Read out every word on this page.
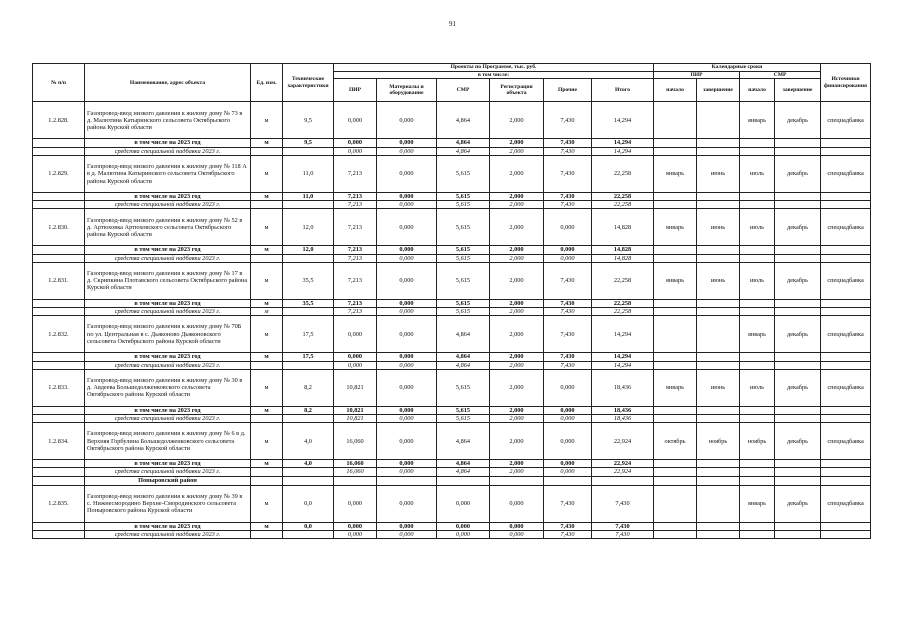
91
№ п/п	Наименование, адрес объекта	Ед. изм.	Технические характеристики	Проекты по Программе, тыс. руб.						Календарные сроки				Источники финансирования
				в том числе:						ПИР		СМР		
				ПИР	Материалы и оборудование	СМР	Регистрация объекта	Прочие	Итого	начало	завершение	начало	завершение	
1.2.828.	Газопровод-ввод низкого давления к жилому дому № 73 в д. Малютина Катыринского сельсовета Октябрьского района Курской области	м	9,5	0,000	0,000	4,864	2,000	7,430	14,294			январь	декабрь	спецнадбавка
	в том числе на 2023 год	м	9,5	0,000	0,000	4,864	2,000	7,430	14,294					
	средства специальной надбавки 2023 г.			0,000	0,000	4,864	2,000	7,430	14,294					
1.2.829.	Газопровод-ввод низкого давления к жилому дому № 118 А в д. Малютина Катыринского сельсовета Октябрьского района Курской области	м	11,0	7,213	0,000	5,615	2,000	7,430	22,258	январь	июнь	июль	декабрь	спецнадбавка
	в том числе на 2023 год	м	11,0	7,213	0,000	5,615	2,000	7,430	22,258					
	средства специальной надбавки 2023 г.			7,213	0,000	5,615	2,000	7,430	22,258					
1.2.830.	Газопровод-ввод низкого давления к жилому дому № 52 в д. Артюховка Артюховского сельсовета Октябрьского района Курской области	м	12,0	7,213	0,000	5,615	2,000	0,000	14,828	январь	июнь	июль	декабрь	спецнадбавка
	в том числе на 2023 год	м	12,0	7,213	0,000	5,615	2,000	0,000	14,828					
	средства специальной надбавки 2023 г.			7,213	0,000	5,615	2,000	0,000	14,828					
1.2.831.	Газопровод-ввод низкого давления к жилому дому № 17 в д. Скрипкина Плотавского сельсовета Октябрьского района Курской области	м	35,5	7,213	0,000	5,615	2,000	7,430	22,258	январь	июнь	июль	декабрь	спецнадбавка
	в том числе на 2023 год	м	35,5	7,213	0,000	5,615	2,000	7,430	22,258					
	средства специальной надбавки 2023 г.	м		7,213	0,000	5,615	2,000	7,430	22,258					
1.2.832.	Газопровод-ввод низкого давления к жилому дому № 70Б по ул. Центральная в с. Дьяконово Дьяконовского сельсовета Октябрьского района Курской области	м	17,5	0,000	0,000	4,864	2,000	7,430	14,294			январь	декабрь	спецнадбавка
	в том числе на 2023 год	м	17,5	0,000	0,000	4,864	2,000	7,430	14,294					
	средства специальной надбавки 2023 г.			0,000	0,000	4,864	2,000	7,430	14,294					
1.2.833.	Газопровод-ввод низкого давления к жилому дому № 30 в д. Авдеева Большедолженковского сельсовета Октябрьского района Курской области	м	8,2	10,821	0,000	5,615	2,000	0,000	18,436	январь	июнь	июль	декабрь	спецнадбавка
	в том числе на 2023 год	м	8,2	10,821	0,000	5,615	2,000	0,000	18,436					
	средства специальной надбавки 2023 г.			10,821	0,000	5,615	2,000	0,000	18,436					
1.2.834.	Газопровод-ввод низкого давления к жилому дому № 6 в д. Верхняя Горбулина Большедолженковского сельсовета Октябрьского района Курской области	м	4,0	16,060	0,000	4,864	2,000	0,000	22,924	октябрь	ноябрь	ноябрь	декабрь	спецнадбавка
	в том числе на 2023 год	м	4,0	16,060	0,000	4,864	2,000	0,000	22,924					
	средства специальной надбавки 2023 г.			16,060	0,000	4,864	2,000	0,000	22,924					
	Поныровский район													
1.2.835.	Газопровод-ввод низкого давления к жилому дому № 39 в с. Нижнесмородино Верхне-Смородинского сельсовета Поныровского района Курской области	м	0,0	0,000	0,000	0,000	0,000	7,430	7,430			январь	декабрь	спецнадбавка
	в том числе на 2023 год	м	0,0	0,000	0,000	0,000	0,000	7,430	7,430					
	средства специальной надбавки 2023 г.			0,000	0,000	0,000	0,000	7,430	7,430					
